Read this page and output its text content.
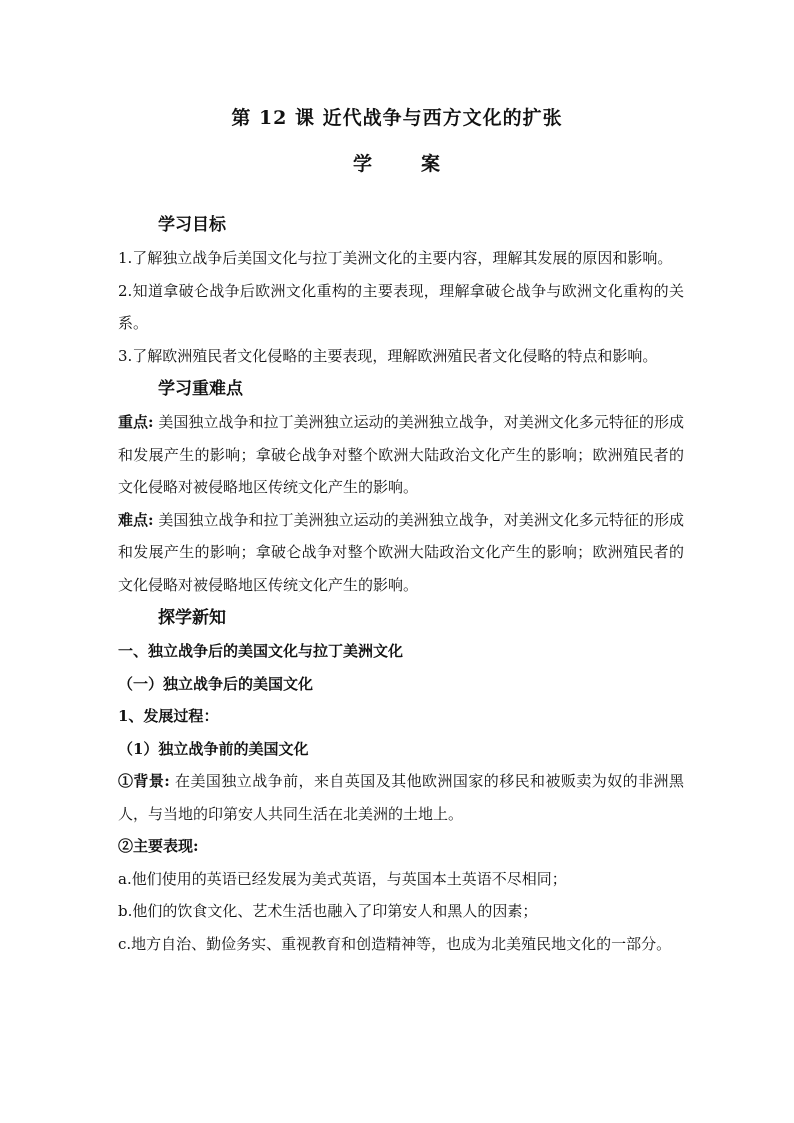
第 12 课 近代战争与西方文化的扩张
学	案
学习目标

1.了解独立战争后美国文化与拉丁美洲文化的主要内容，理解其发展的原因和影响。

2.知道拿破仑战争后欧洲文化重构的主要表现，理解拿破仑战争与欧洲文化重构的关系。

3.了解欧洲殖民者文化侵略的主要表现，理解欧洲殖民者文化侵略的特点和影响。

学习重难点

重点: 美国独立战争和拉丁美洲独立运动的美洲独立战争，对美洲文化多元特征的形成和发展产生的影响；拿破仑战争对整个欧洲大陆政治文化产生的影响；欧洲殖民者的文化侵略对被侵略地区传统文化产生的影响。

难点: 美国独立战争和拉丁美洲独立运动的美洲独立战争，对美洲文化多元特征的形成和发展产生的影响；拿破仑战争对整个欧洲大陆政治文化产生的影响；欧洲殖民者的文化侵略对被侵略地区传统文化产生的影响。

探学新知

一、独立战争后的美国文化与拉丁美洲文化

（一）独立战争后的美国文化

1、发展过程：

（1）独立战争前的美国文化

①背景: 在美国独立战争前，来自英国及其他欧洲国家的移民和被贩卖为奴的非洲黑人，与当地的印第安人共同生活在北美洲的土地上。

②主要表现:

a.他们使用的英语已经发展为美式英语，与英国本土英语不尽相同；

b.他们的饮食文化、艺术生活也融入了印第安人和黑人的因素；

c.地方自治、勤俭务实、重视教育和创造精神等，也成为北美殖民地文化的一部分。
